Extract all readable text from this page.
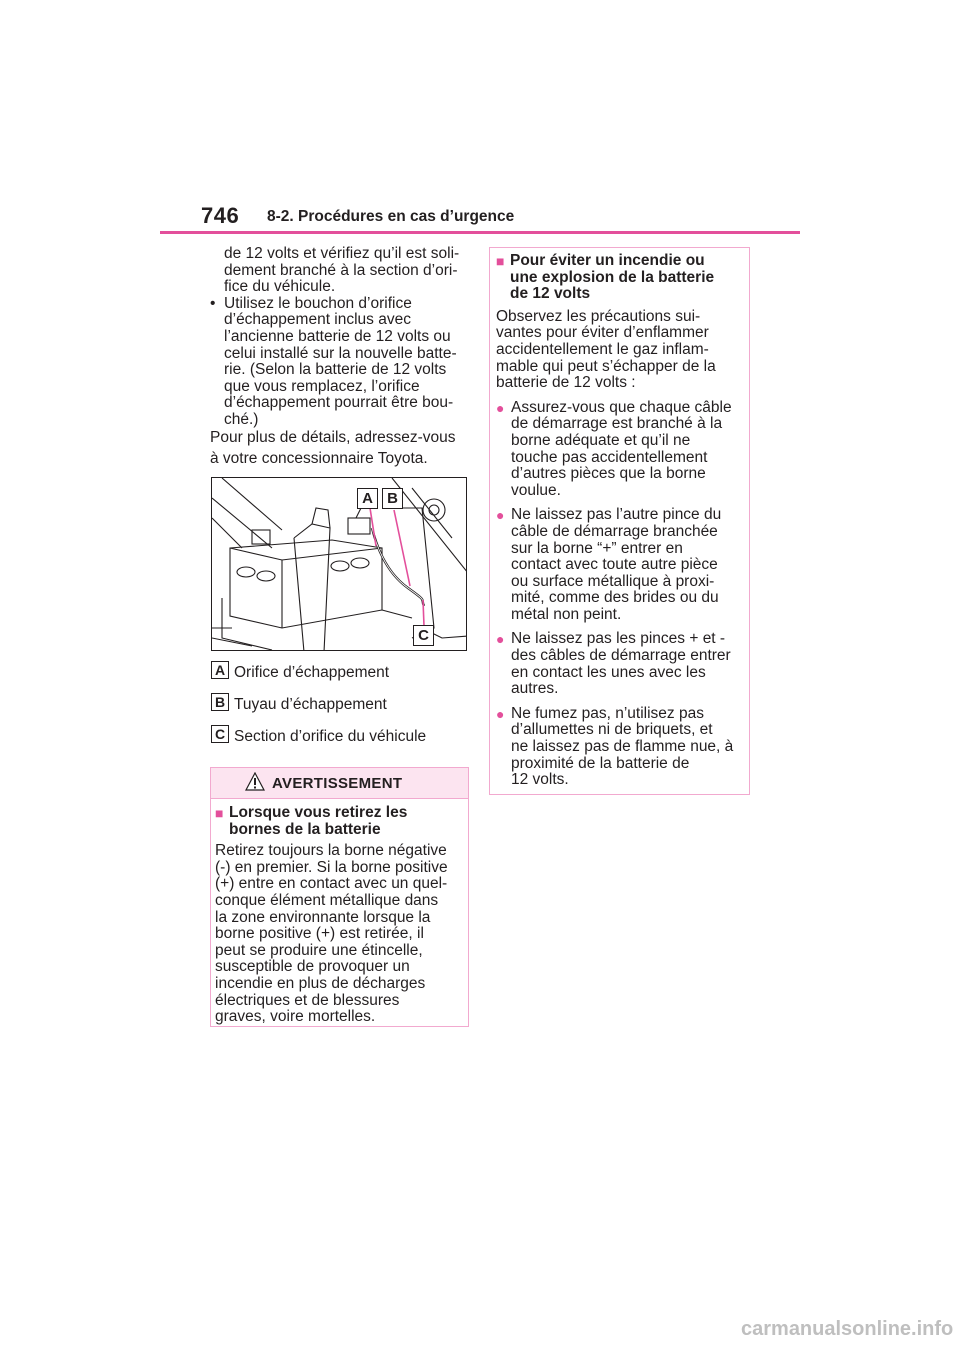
746 8-2. Procédures en cas d’urgence
de 12 volts et vérifiez qu’il est soli-
dement branché à la section d’ori-
fice du véhicule.
• Utilisez le bouchon d’orifice
d’échappement inclus avec
l’ancienne batterie de 12 volts ou
celui installé sur la nouvelle batte-
rie. (Selon la batterie de 12 volts
que vous remplacez, l’orifice
d’échappement pourrait être bou-
ché.)
Pour plus de détails, adressez-vous
à votre concessionnaire Toyota.
A B
C
A Orifice d’échappement
B Tuyau d’échappement
C Section d’orifice du véhicule
AVERTISSEMENT
■ Lorsque vous retirez les
bornes de la batterie
Retirez toujours la borne négative
(-) en premier. Si la borne positive
(+) entre en contact avec un quel-
conque élément métallique dans
la zone environnante lorsque la
borne positive (+) est retirée, il
peut se produire une étincelle,
susceptible de provoquer un
incendie en plus de décharges
électriques et de blessures
graves, voire mortelles.
■ Pour éviter un incendie ou
une explosion de la batterie
de 12 volts
Observez les précautions sui-
vantes pour éviter d’enflammer
accidentellement le gaz inflam-
mable qui peut s’échapper de la
batterie de 12 volts :
● Assurez-vous que chaque câble
de démarrage est branché à la
borne adéquate et qu’il ne
touche pas accidentellement
d’autres pièces que la borne
voulue.
● Ne laissez pas l’autre pince du
câble de démarrage branchée
sur la borne “+” entrer en
contact avec toute autre pièce
ou surface métallique à proxi-
mité, comme des brides ou du
métal non peint.
● Ne laissez pas les pinces + et -
des câbles de démarrage entrer
en contact les unes avec les
autres.
● Ne fumez pas, n’utilisez pas
d’allumettes ni de briquets, et
ne laissez pas de flamme nue, à
proximité de la batterie de
12 volts.
carmanualsonline.info
